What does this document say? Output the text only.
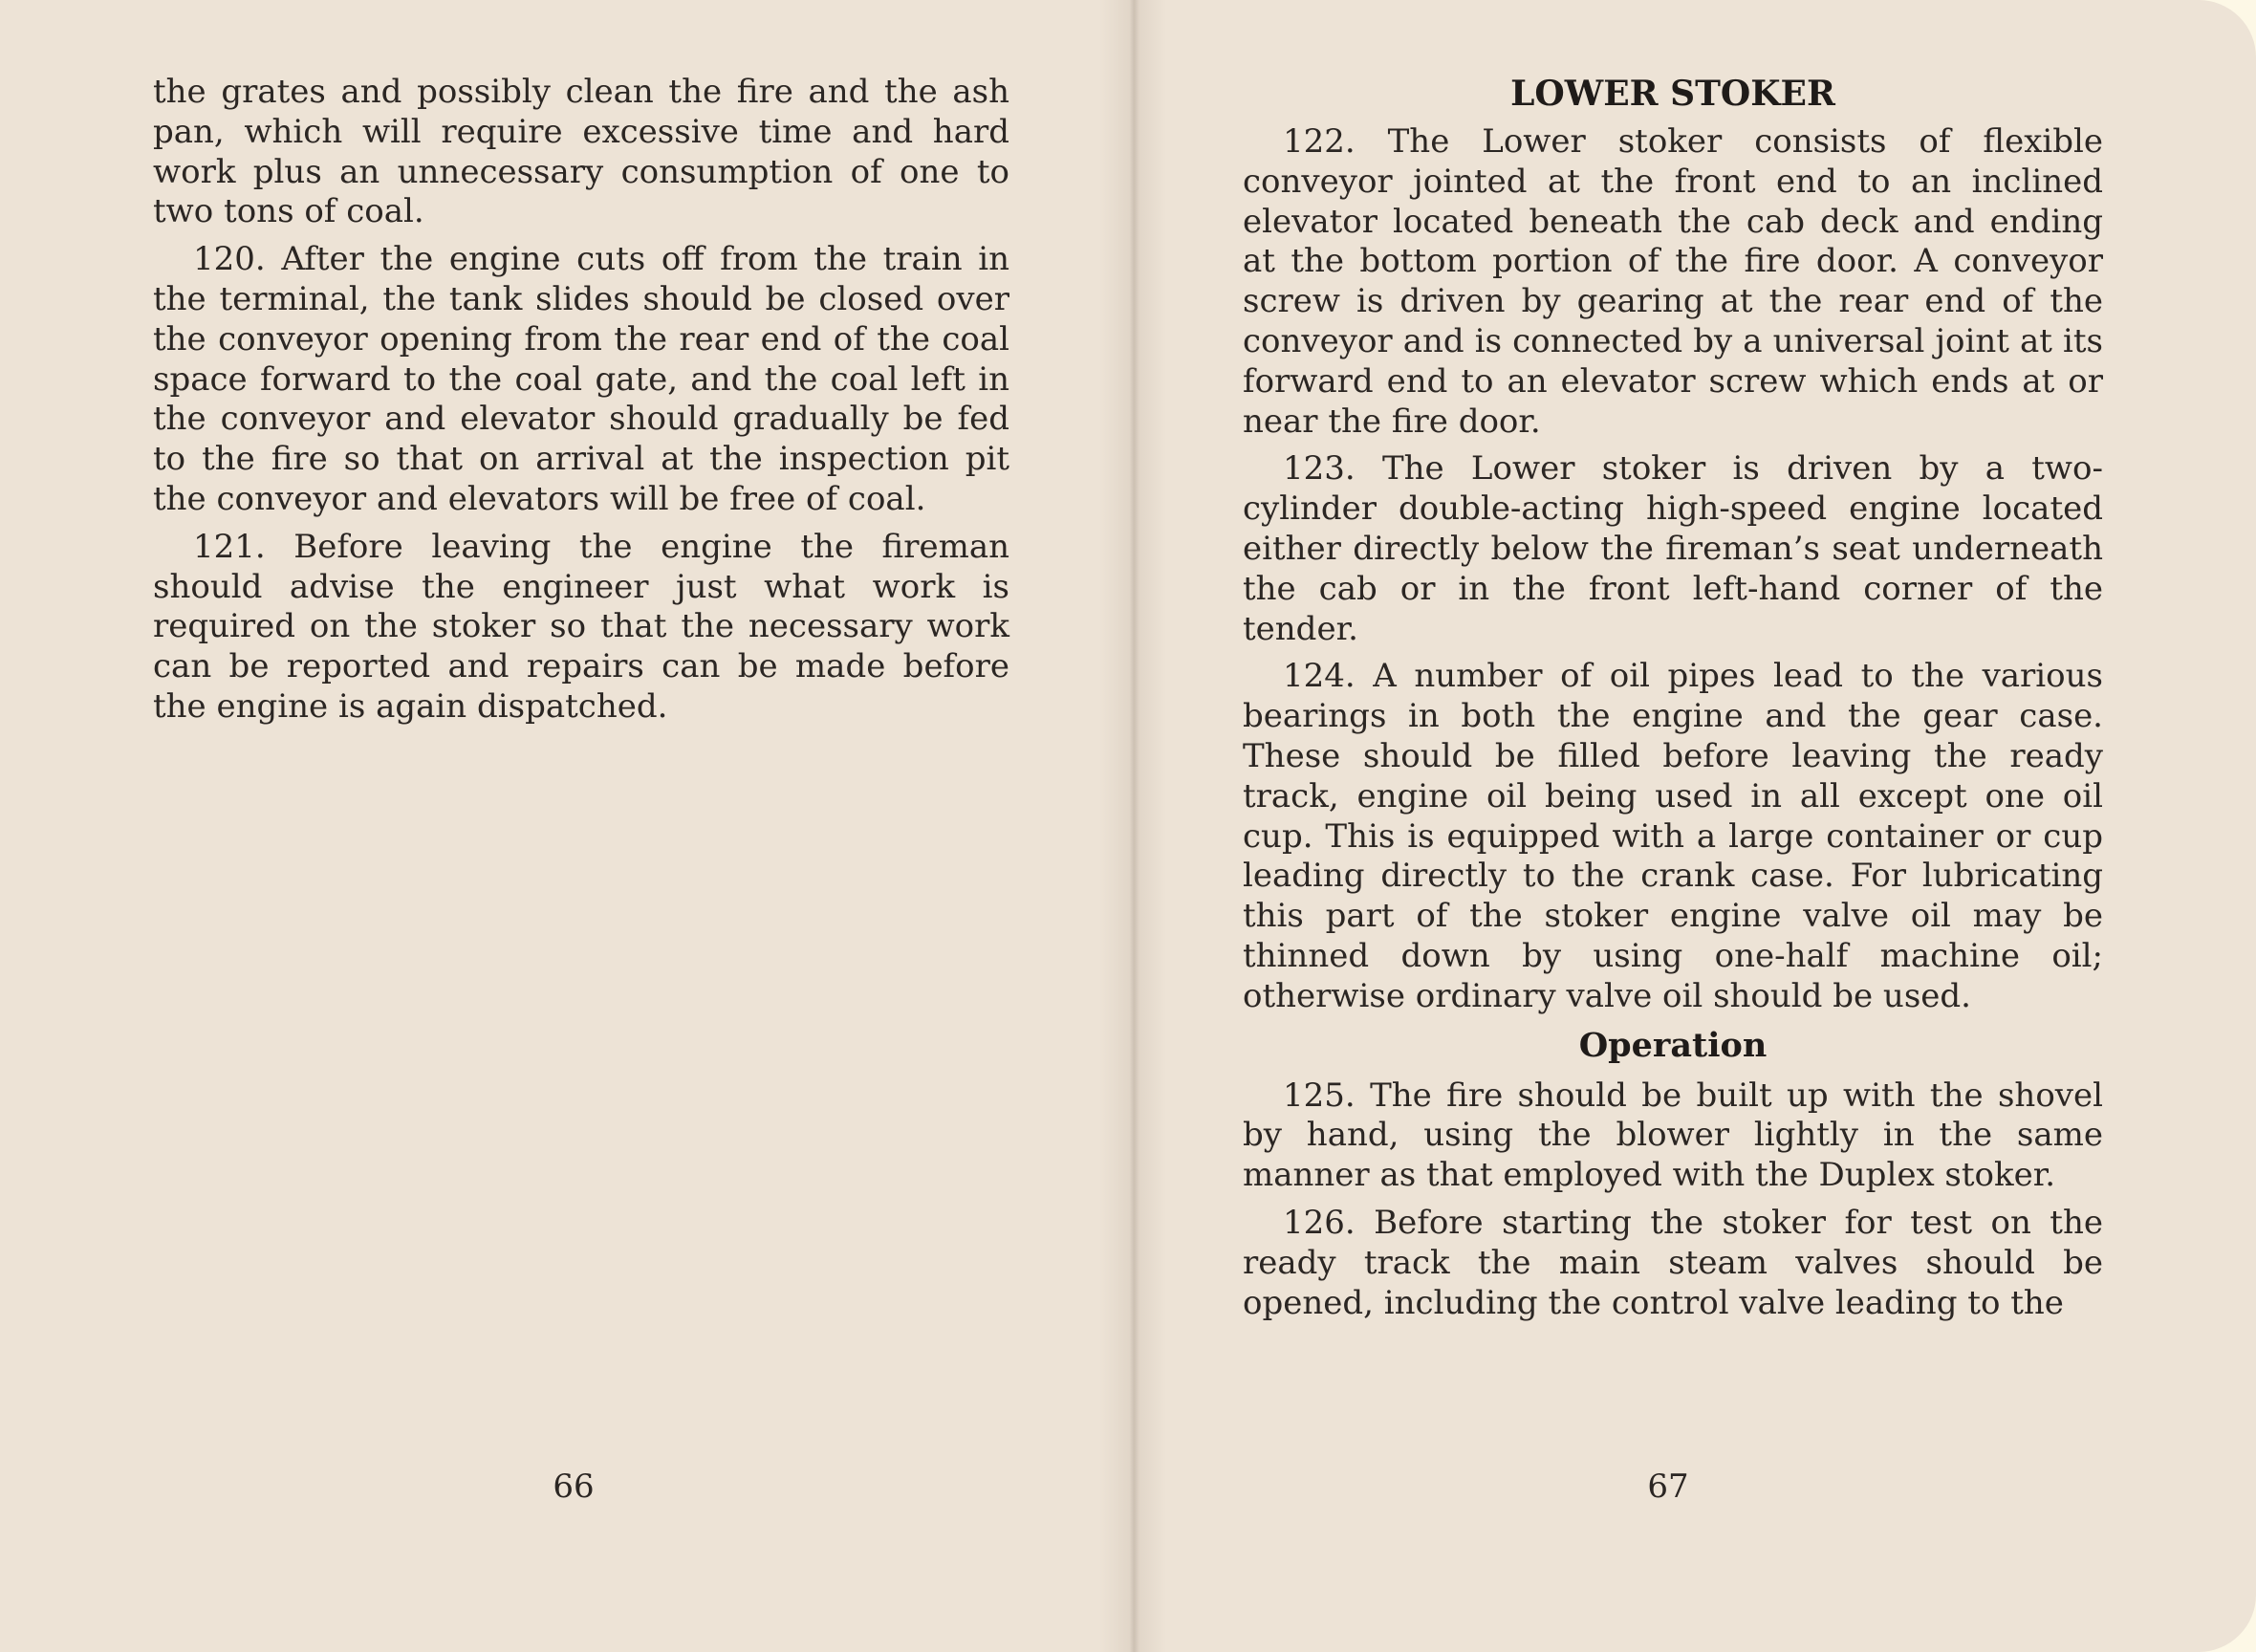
the grates and possibly clean the fire and the ash pan, which will require excessive time and hard work plus an unnecessary consumption of one to two tons of coal.

120. After the engine cuts off from the train in the terminal, the tank slides should be closed over the conveyor opening from the rear end of the coal space forward to the coal gate, and the coal left in the conveyor and elevator should gradually be fed to the fire so that on arrival at the inspection pit the conveyor and elevators will be free of coal.

121. Before leaving the engine the fireman should advise the engineer just what work is required on the stoker so that the necessary work can be reported and repairs can be made before the engine is again dispatched.

66
LOWER STOKER

122. The Lower stoker consists of flexible conveyor jointed at the front end to an inclined elevator located beneath the cab deck and ending at the bottom portion of the fire door. A conveyor screw is driven by gearing at the rear end of the conveyor and is connected by a universal joint at its forward end to an elevator screw which ends at or near the fire door.

123. The Lower stoker is driven by a two-cylinder double-acting high-speed engine located either directly below the fireman’s seat underneath the cab or in the front left-hand corner of the tender.

124. A number of oil pipes lead to the various bearings in both the engine and the gear case. These should be filled before leaving the ready track, engine oil being used in all except one oil cup. This is equipped with a large container or cup leading directly to the crank case. For lubricating this part of the stoker engine valve oil may be thinned down by using one-half machine oil; otherwise ordinary valve oil should be used.

Operation

125. The fire should be built up with the shovel by hand, using the blower lightly in the same manner as that employed with the Duplex stoker.

126. Before starting the stoker for test on the ready track the main steam valves should be opened, including the control valve leading to the

67
